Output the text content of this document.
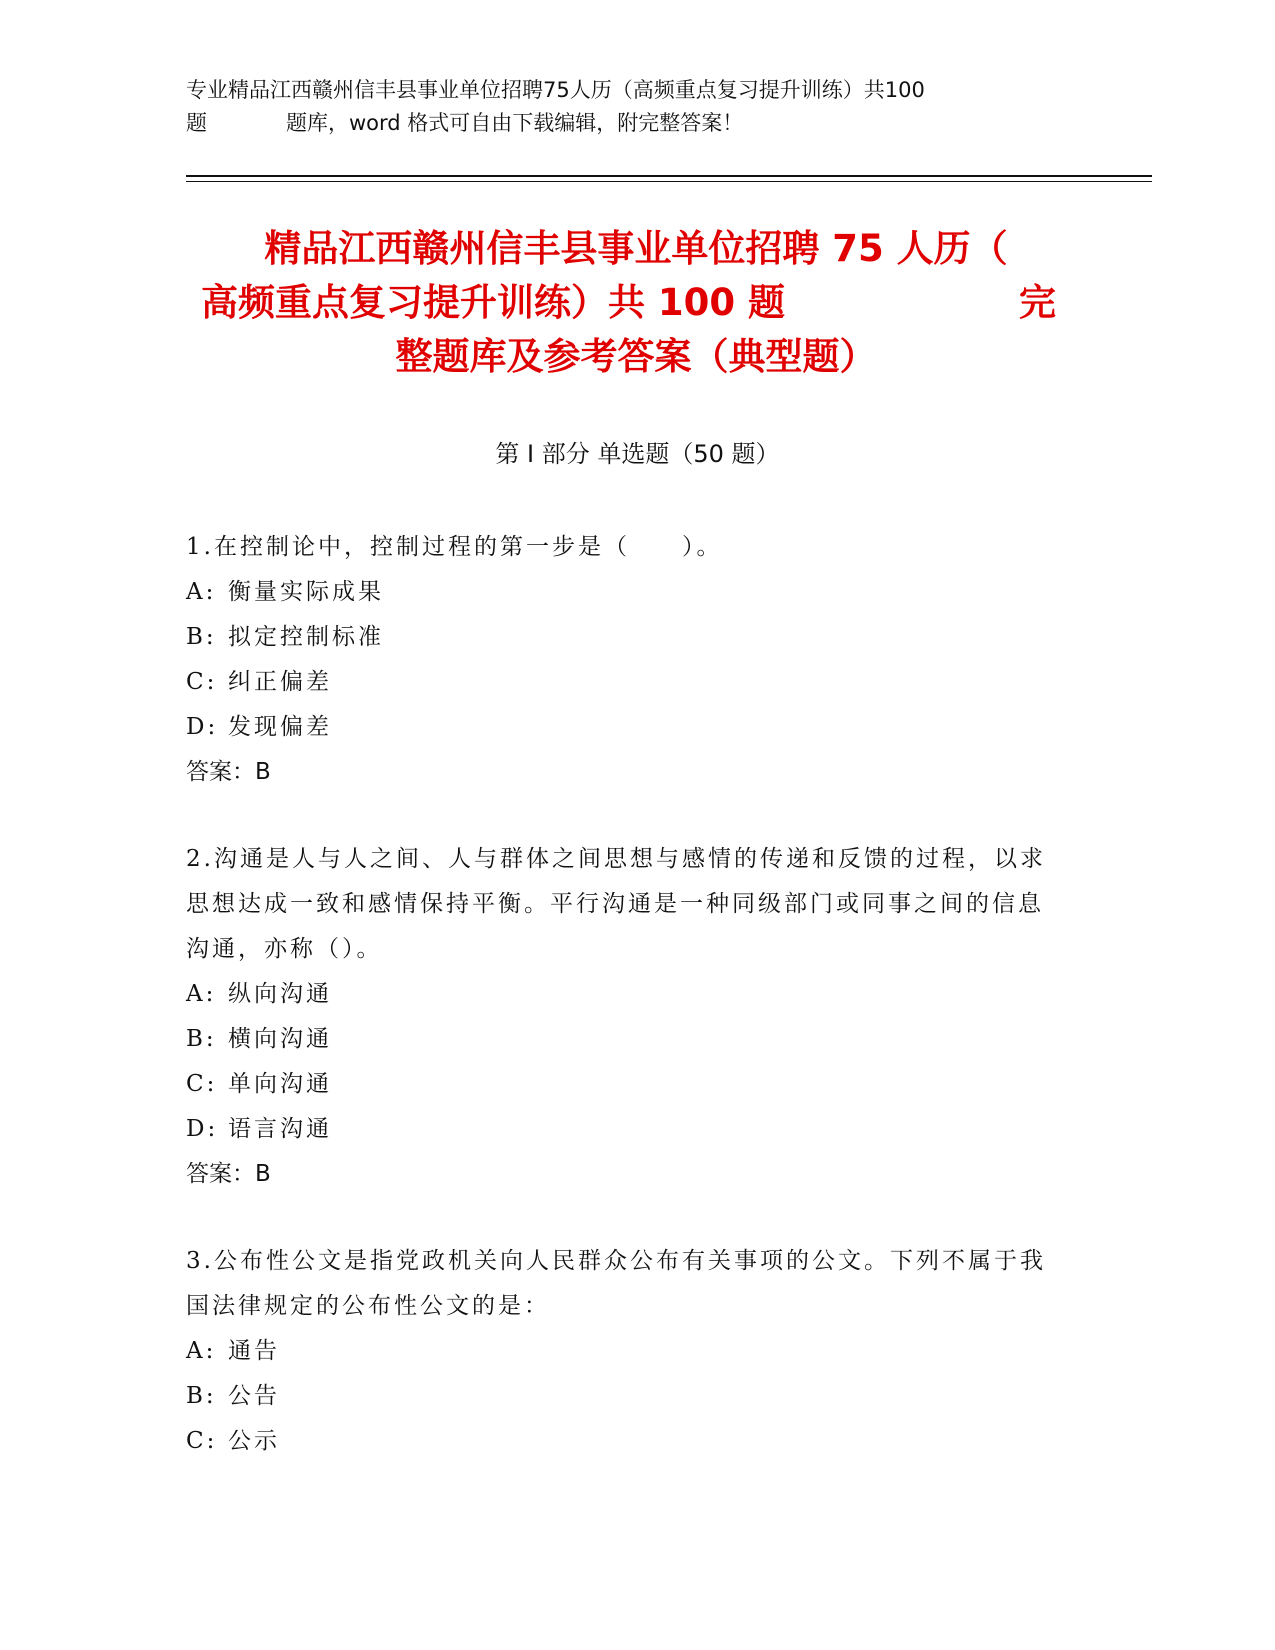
专业精品江西赣州信丰县事业单位招聘75人历（高频重点复习提升训练）共100
题	题库，word 格式可自由下载编辑，附完整答案！
精品江西赣州信丰县事业单位招聘 75 人历（
高频重点复习提升训练）共 100 题	完
整题库及参考答案（典型题）
第 I 部分 单选题（50 题）
1.在控制论中，控制过程的第一步是（　　）。
A: 衡量实际成果
B: 拟定控制标准
C: 纠正偏差
D: 发现偏差
答案：B
2.沟通是人与人之间、人与群体之间思想与感情的传递和反馈的过程，以求思想达成一致和感情保持平衡。平行沟通是一种同级部门或同事之间的信息沟通，亦称（）。
A: 纵向沟通
B: 横向沟通
C: 单向沟通
D: 语言沟通
答案：B
3.公布性公文是指党政机关向人民群众公布有关事项的公文。下列不属于我国法律规定的公布性公文的是：
A: 通告
B: 公告
C: 公示
